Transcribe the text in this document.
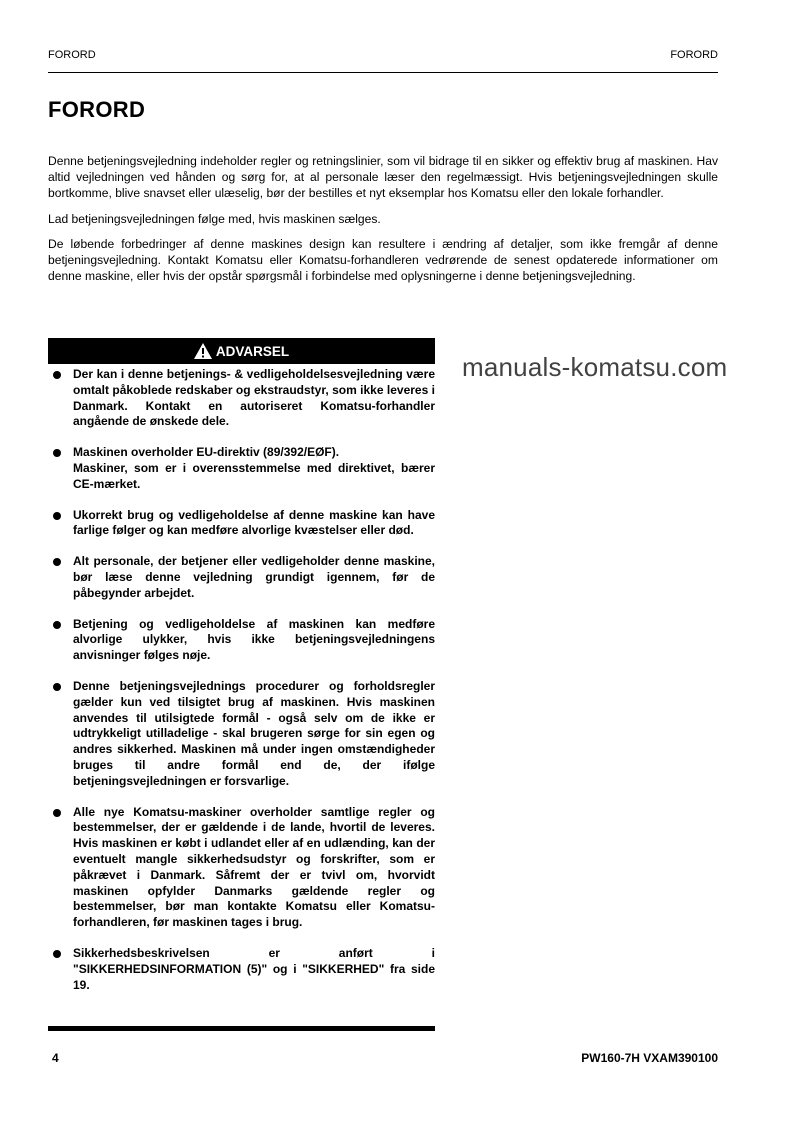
FORORD	FORORD
FORORD

Denne betjeningsvejledning indeholder regler og retningslinier, som vil bidrage til en sikker og effektiv brug af maskinen. Hav altid vejledningen ved hånden og sørg for, at al personale læser den regelmæssigt. Hvis betjeningsvejledningen skulle bortkomme, blive snavset eller ulæselig, bør der bestilles et nyt eksemplar hos Komatsu eller den lokale forhandler.

Lad betjeningsvejledningen følge med, hvis maskinen sælges.

De løbende forbedringer af denne maskines design kan resultere i ændring af detaljer, som ikke fremgår af denne betjeningsvejledning. Kontakt Komatsu eller Komatsu-forhandleren vedrørende de senest opdaterede informationer om denne maskine, eller hvis der opstår spørgsmål i forbindelse med oplysningerne i denne betjeningsvejledning.

manuals-komatsu.com
ADVARSEL
Der kan i denne betjenings- & vedligeholdelsesvejledning være omtalt påkoblede redskaber og ekstraudstyr, som ikke leveres i Danmark. Kontakt en autoriseret Komatsu-forhandler angående de ønskede dele.
Maskinen overholder EU-direktiv (89/392/EØF).
Maskiner, som er i overensstemmelse med direktivet, bærer CE-mærket.
Ukorrekt brug og vedligeholdelse af denne maskine kan have farlige følger og kan medføre alvorlige kvæstelser eller død.
Alt personale, der betjener eller vedligeholder denne maskine, bør læse denne vejledning grundigt igennem, før de påbegynder arbejdet.
Betjening og vedligeholdelse af maskinen kan medføre alvorlige ulykker, hvis ikke betjeningsvejledningens anvisninger følges nøje.
Denne betjeningsvejlednings procedurer og forholdsregler gælder kun ved tilsigtet brug af maskinen. Hvis maskinen anvendes til utilsigtede formål - også selv om de ikke er udtrykkeligt utilladelige - skal brugeren sørge for sin egen og andres sikkerhed. Maskinen må under ingen omstændigheder bruges til andre formål end de, der ifølge betjeningsvejledningen er forsvarlige.
Alle nye Komatsu-maskiner overholder samtlige regler og bestemmelser, der er gældende i de lande, hvortil de leveres. Hvis maskinen er købt i udlandet eller af en udlænding, kan der eventuelt mangle sikkerhedsudstyr og forskrifter, som er påkrævet i Danmark. Såfremt der er tvivl om, hvorvidt maskinen opfylder Danmarks gældende regler og bestemmelser, bør man kontakte Komatsu eller Komatsu-forhandleren, før maskinen tages i brug.
Sikkerhedsbeskrivelsen er anført i "SIKKERHEDSINFORMATION (5)" og i "SIKKERHED" fra side 19.
4	PW160-7H VXAM390100
